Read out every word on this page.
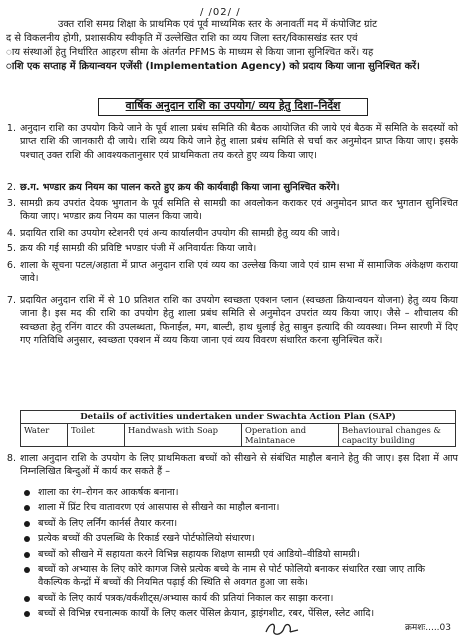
/ /02/ /
उक्त राशि समग्र शिक्षा के प्राथमिक एवं पूर्व माध्यमिक स्तर के अनावर्ती मद में कंपोजिट ग्रांट
द से विकलनीय होगी, प्रशासकीय स्वीकृति में उल्लेखित राशि का व्यय जिला स्तर/विकासखंड स्तर एवं
ाय संस्थाओं हेतु निर्धारित आहरण सीमा के अंतर्गत PFMS के माध्यम से किया जाना सुनिश्चित करें। यह
ाशि एक सप्ताह में क्रियान्वयन एजेंसी (Implementation Agency) को प्रदाय किया जाना सुनिश्चित करें।
वार्षिक अनुदान राशि का उपयोग/ व्यय हेतु दिशा–निर्देश
1. अनुदान राशि का उपयोग किये जाने के पूर्व शाला प्रबंध समिति की बैठक आयोजित की जाये एवं बैठक में समिति के सदस्यों को प्राप्त राशि की जानकारी दी जाये। राशि व्यय किये जाने हेतु शाला प्रबंध समिति से चर्चा कर अनुमोदन प्राप्त किया जाए। इसके पश्चात् उक्त राशि की आवश्यकतानुसार एवं प्राथमिकता तय करते हुए व्यय किया जाए।
2. छ.ग. भण्डार क्रय नियम का पालन करते हुए क्रय की कार्यवाही किया जाना सुनिश्चित करेंगे।
3. सामग्री क्रय उपरांत देयक भुगतान के पूर्व समिति से सामग्री का अवलोकन कराकर एवं अनुमोदन प्राप्त कर भुगतान सुनिश्चित किया जाए। भण्डार क्रय नियम का पालन किया जाये।
4. प्रदायित राशि का उपयोग स्टेशनरी एवं अन्य कार्यालयीन उपयोग की सामग्री हेतु व्यय की जावे।
5. क्रय की गई सामग्री की प्रविष्टि भण्डार पंजी में अनिवार्यतः किया जावे।
6. शाला के सूचना पटल/अहाता में प्राप्त अनुदान राशि एवं व्यय का उल्लेख किया जावे एवं ग्राम सभा में सामाजिक अंकेक्षण कराया जावे।
7. प्रदायित अनुदान राशि में से 10 प्रतिशत राशि का उपयोग स्वच्छता एक्शन प्लान (स्वच्छता क्रियान्वयन योजना) हेतु व्यय किया जाना है। इस मद की राशि का उपयोग हेतु शाला प्रबंध समिति से अनुमोदन उपरांत व्यय किया जाए। जैसे – शौचालय की स्वच्छता हेतु रनिंग वाटर की उपलब्धता, फिनाईल, मग, बाल्टी, हाथ धुलाई हेतु साबुन इत्यादि की व्यवस्था। निम्न सारणी में दिए गए गतिविधि अनुसार, स्वच्छता एक्शन में व्यय किया जाना एवं व्यय विवरण संधारित करना सुनिश्चित करें।
Details of activities undertaken under Swachta Action Plan (SAP)
Water	Toilet	Handwash with Soap	Operation and Maintanace	Behavioural changes & capacity building
8. शाला अनुदान राशि के उपयोग के लिए प्राथमिकता बच्चों को सीखने से संबंधित माहौल बनाने हेतु की जाए। इस दिशा में आप निम्नलिखित बिन्दुओं में कार्य कर सकते हैं –
शाला का रंग–रोगन कर आकर्षक बनाना।
शाला में प्रिंट रिच वातावरण एवं आसपास से सीखने का माहौल बनाना।
बच्चों के लिए लर्निंग कार्नर्स तैयार करना।
प्रत्येक बच्चों की उपलब्धि के रिकार्ड रखने पोर्टफोलियो संधारण।
बच्चों को सीखने में सहायता करने विभिन्न सहायक शिक्षण सामग्री एवं आडियो–वीडियो सामग्री।
बच्चों को अभ्यास के लिए कोरे कागज जिसे प्रत्येक बच्चे के नाम से पोर्ट फोलियो बनाकर संधारित रखा जाए ताकि वैकल्पिक केन्द्रों में बच्चों की नियमित पढ़ाई की स्थिति से अवगत हुआ जा सके।
बच्चों के लिए कार्य पत्रक/वर्कशीट्स/अभ्यास कार्य की प्रतियां निकाल कर साझा करना।
बच्चों से विभिन्न रचनात्मक कार्यों के लिए कलर पेंसिल क्रेयान, ड्राइंगशीट, रबर, पेंसिल, स्लेट आदि।
क्रमशः.....03
